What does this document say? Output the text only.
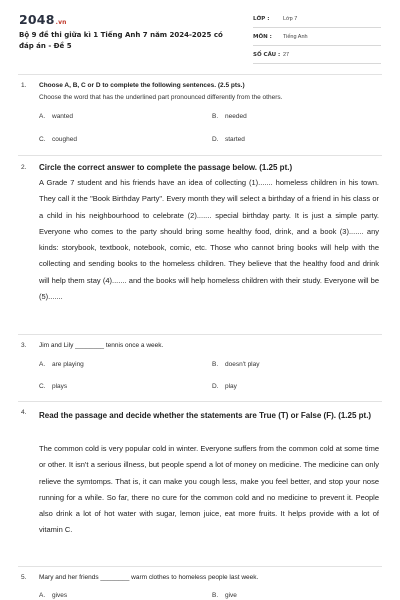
2048.vn
Bộ 9 đề thi giữa kì 1 Tiếng Anh 7 năm 2024-2025 có đáp án - Đề 5
LỚP : Lớp 7
MÔN : Tiếng Anh
SỐ CÂU : 27
1. Choose A, B, C or D to complete the following sentences. (2.5 pts.)
Choose the word that has the underlined part pronounced differently from the others.
A. wanted	B. needed
C. coughed	D. started
2. Circle the correct answer to complete the passage below. (1.25 pt.)

A Grade 7 student and his friends have an idea of collecting (1)....... homeless children in his town. They call it the "Book Birthday Party". Every month they will select a birthday of a friend in his class or a child in his neighbourhood to celebrate (2)....... special birthday party. It is just a simple party. Everyone who comes to the party should bring some healthy food, drink, and a book (3)....... any kinds: storybook, textbook, notebook, comic, etc. Those who cannot bring books will help with the collecting and sending books to the homeless children. They believe that the healthy food and drink will help them stay (4)....... and the books will help homeless children with their study. Everyone will be (5).......

3. Jim and Lily ________ tennis once a week.
A. are playing	B. doesn't play
C. plays	D. play
4. Read the passage and decide whether the statements are True (T) or False (F). (1.25 pt.)

The common cold is very popular cold in winter. Everyone suffers from the common cold at some time or other. It isn't a serious illness, but people spend a lot of money on medicine. The medicine can only relieve the symtomps. That is, it can make you cough less, make you feel better, and stop your nose running for a while. So far, there no cure for the common cold and no medicine to prevent it. People also drink a lot of hot water with sugar, lemon juice, eat more fruits. It helps provide with a lot of vitamin C.

5. Mary and her friends ________ warm clothes to homeless people last week.
A. gives	B. give
